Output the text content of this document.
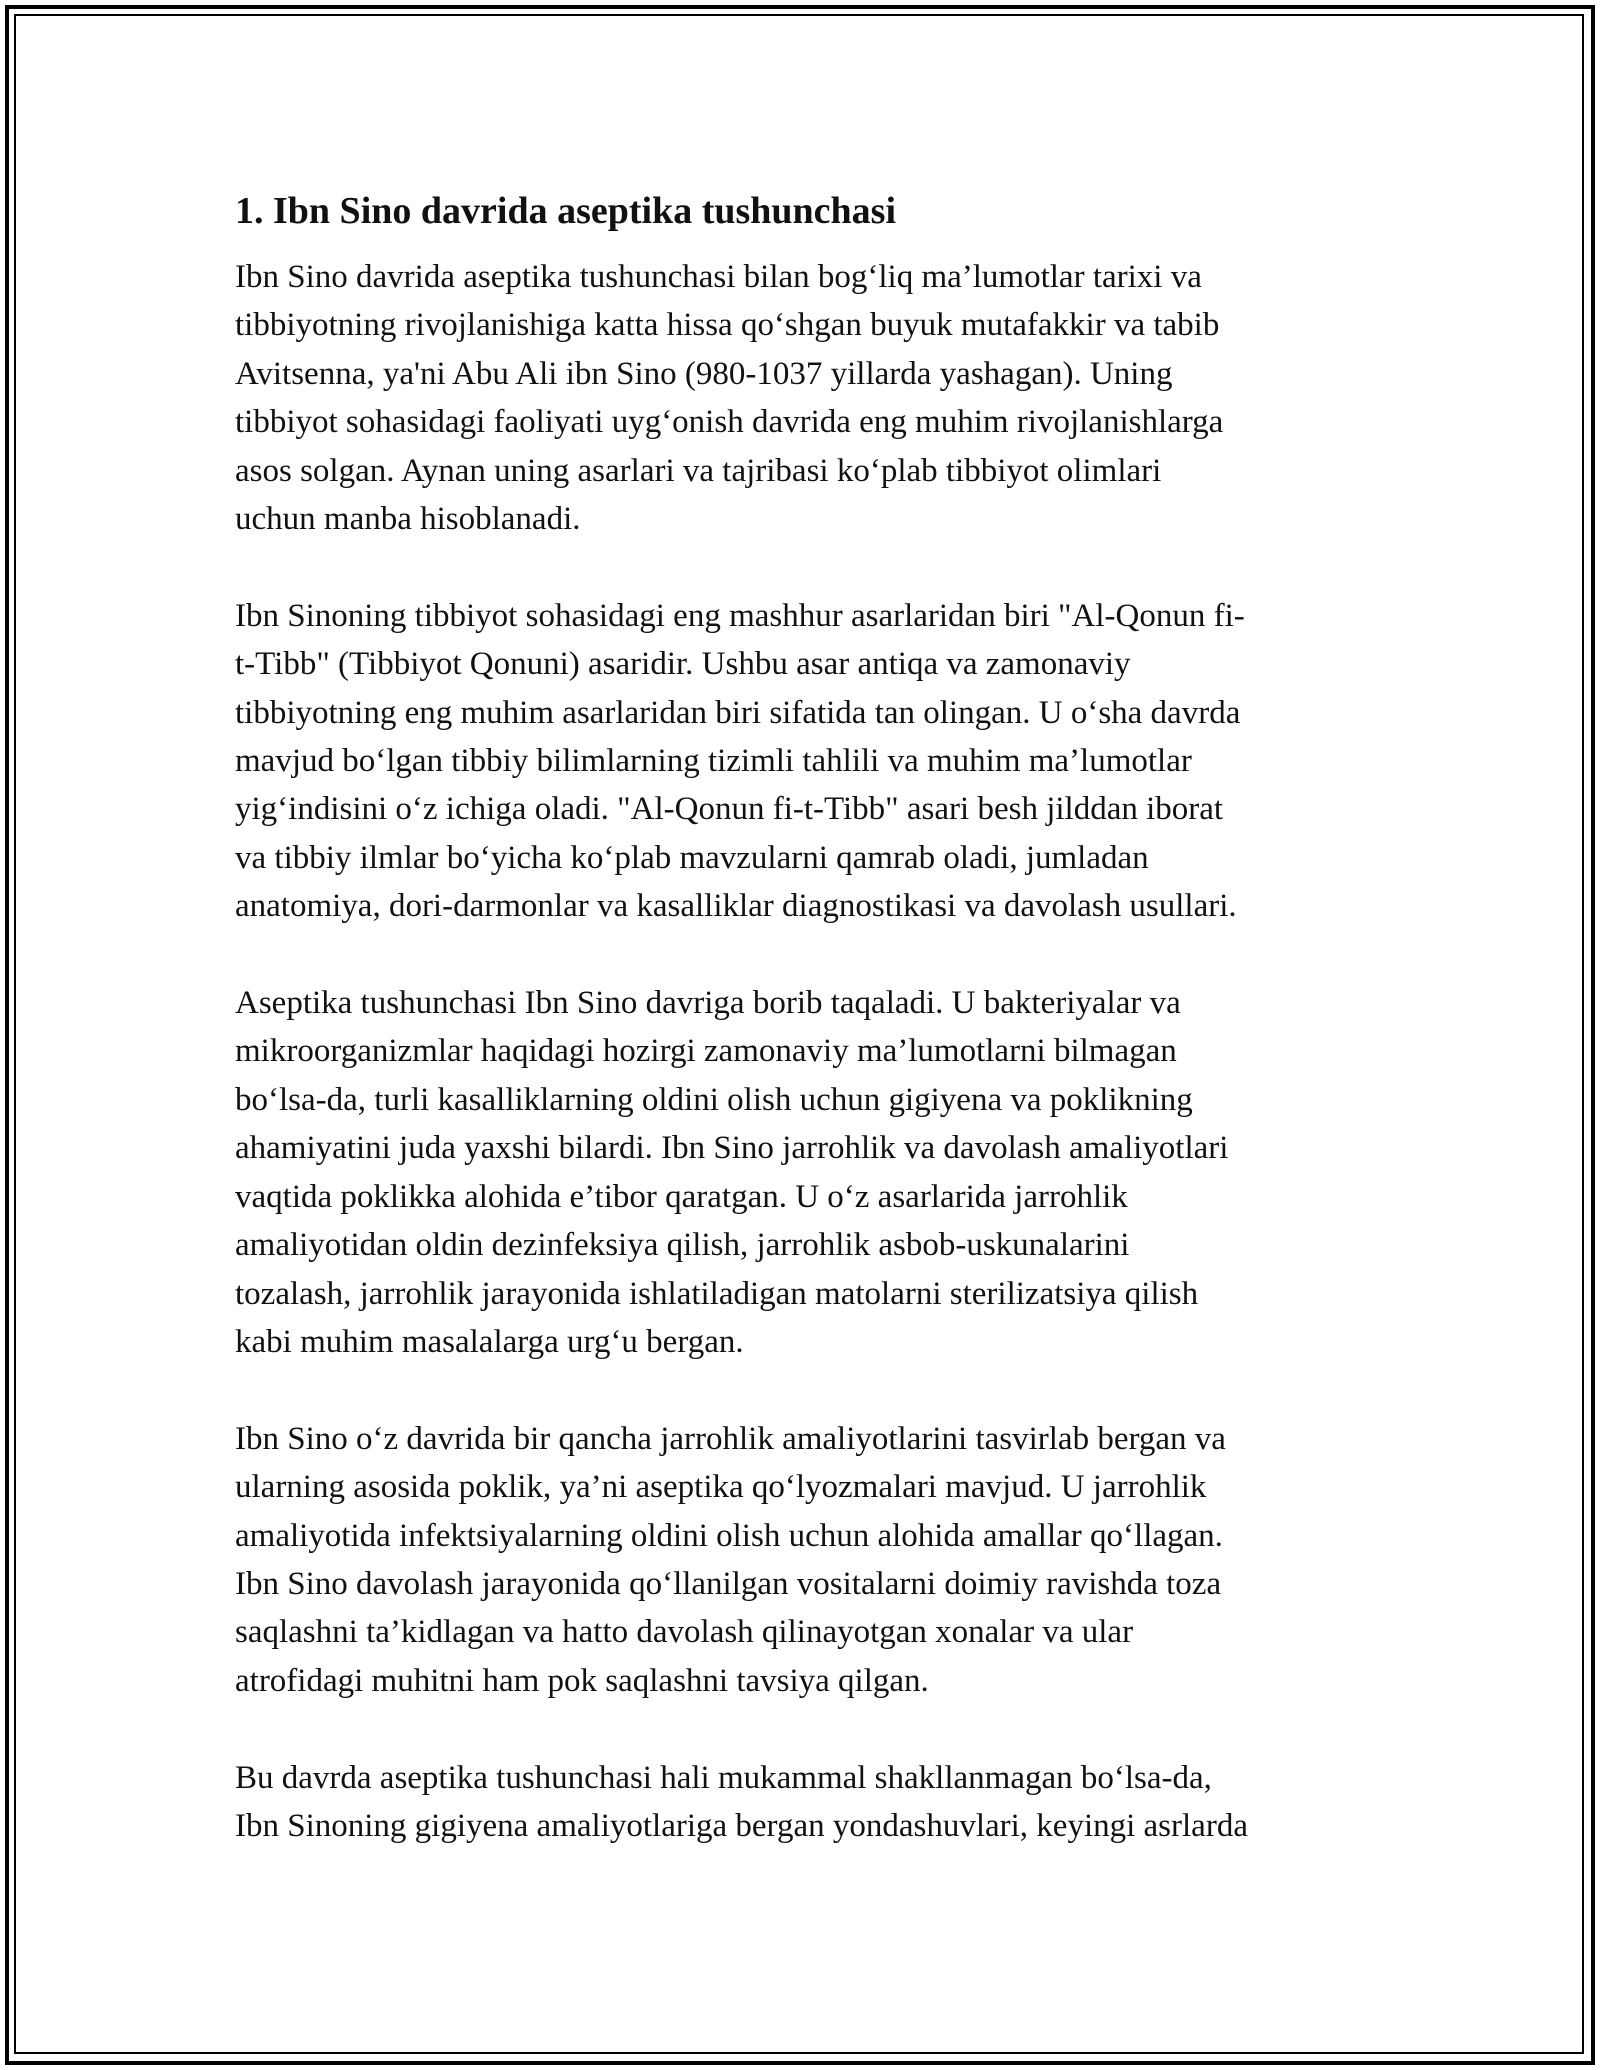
1. Ibn Sino davrida aseptika tushunchasi
Ibn Sino davrida aseptika tushunchasi bilan bog‘liq ma’lumotlar tarixi va
tibbiyotning rivojlanishiga katta hissa qo‘shgan buyuk mutafakkir va tabib
Avitsenna, ya'ni Abu Ali ibn Sino (980-1037 yillarda yashagan). Uning
tibbiyot sohasidagi faoliyati uyg‘onish davrida eng muhim rivojlanishlarga
asos solgan. Aynan uning asarlari va tajribasi ko‘plab tibbiyot olimlari
uchun manba hisoblanadi.
Ibn Sinoning tibbiyot sohasidagi eng mashhur asarlaridan biri "Al-Qonun fi-
t-Tibb" (Tibbiyot Qonuni) asaridir. Ushbu asar antiqa va zamonaviy
tibbiyotning eng muhim asarlaridan biri sifatida tan olingan. U o‘sha davrda
mavjud bo‘lgan tibbiy bilimlarning tizimli tahlili va muhim ma’lumotlar
yig‘indisini o‘z ichiga oladi. "Al-Qonun fi-t-Tibb" asari besh jilddan iborat
va tibbiy ilmlar bo‘yicha ko‘plab mavzularni qamrab oladi, jumladan
anatomiya, dori-darmonlar va kasalliklar diagnostikasi va davolash usullari.
Aseptika tushunchasi Ibn Sino davriga borib taqaladi. U bakteriyalar va
mikroorganizmlar haqidagi hozirgi zamonaviy ma’lumotlarni bilmagan
bo‘lsa-da, turli kasalliklarning oldini olish uchun gigiyena va poklikning
ahamiyatini juda yaxshi bilardi. Ibn Sino jarrohlik va davolash amaliyotlari
vaqtida poklikka alohida e’tibor qaratgan. U o‘z asarlarida jarrohlik
amaliyotidan oldin dezinfeksiya qilish, jarrohlik asbob-uskunalarini
tozalash, jarrohlik jarayonida ishlatiladigan matolarni sterilizatsiya qilish
kabi muhim masalalarga urg‘u bergan.
Ibn Sino o‘z davrida bir qancha jarrohlik amaliyotlarini tasvirlab bergan va
ularning asosida poklik, ya’ni aseptika qo‘lyozmalari mavjud. U jarrohlik
amaliyotida infektsiyalarning oldini olish uchun alohida amallar qo‘llagan.
Ibn Sino davolash jarayonida qo‘llanilgan vositalarni doimiy ravishda toza
saqlashni ta’kidlagan va hatto davolash qilinayotgan xonalar va ular
atrofidagi muhitni ham pok saqlashni tavsiya qilgan.
Bu davrda aseptika tushunchasi hali mukammal shakllanmagan bo‘lsa-da,
Ibn Sinoning gigiyena amaliyotlariga bergan yondashuvlari, keyingi asrlarda
